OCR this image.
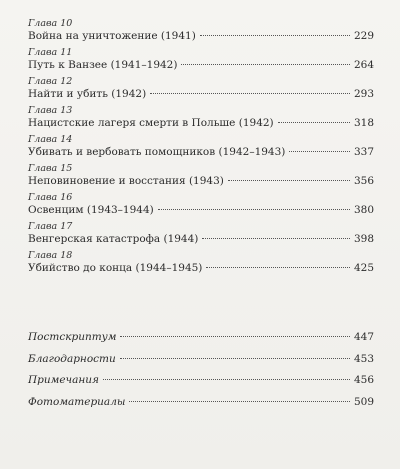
Глава 10
Война на уничтожение (1941)	229
Глава 11
Путь к Ванзее (1941–1942)	264
Глава 12
Найти и убить (1942)	293
Глава 13
Нацистские лагеря смерти в Польше (1942)	318
Глава 14
Убивать и вербовать помощников (1942–1943)	337
Глава 15
Неповиновение и восстания (1943)	356
Глава 16
Освенцим (1943–1944)	380
Глава 17
Венгерская катастрофа (1944)	398
Глава 18
Убийство до конца (1944–1945)	425
Постскриптум	447
Благодарности	453
Примечания	456
Фотоматериалы	509
